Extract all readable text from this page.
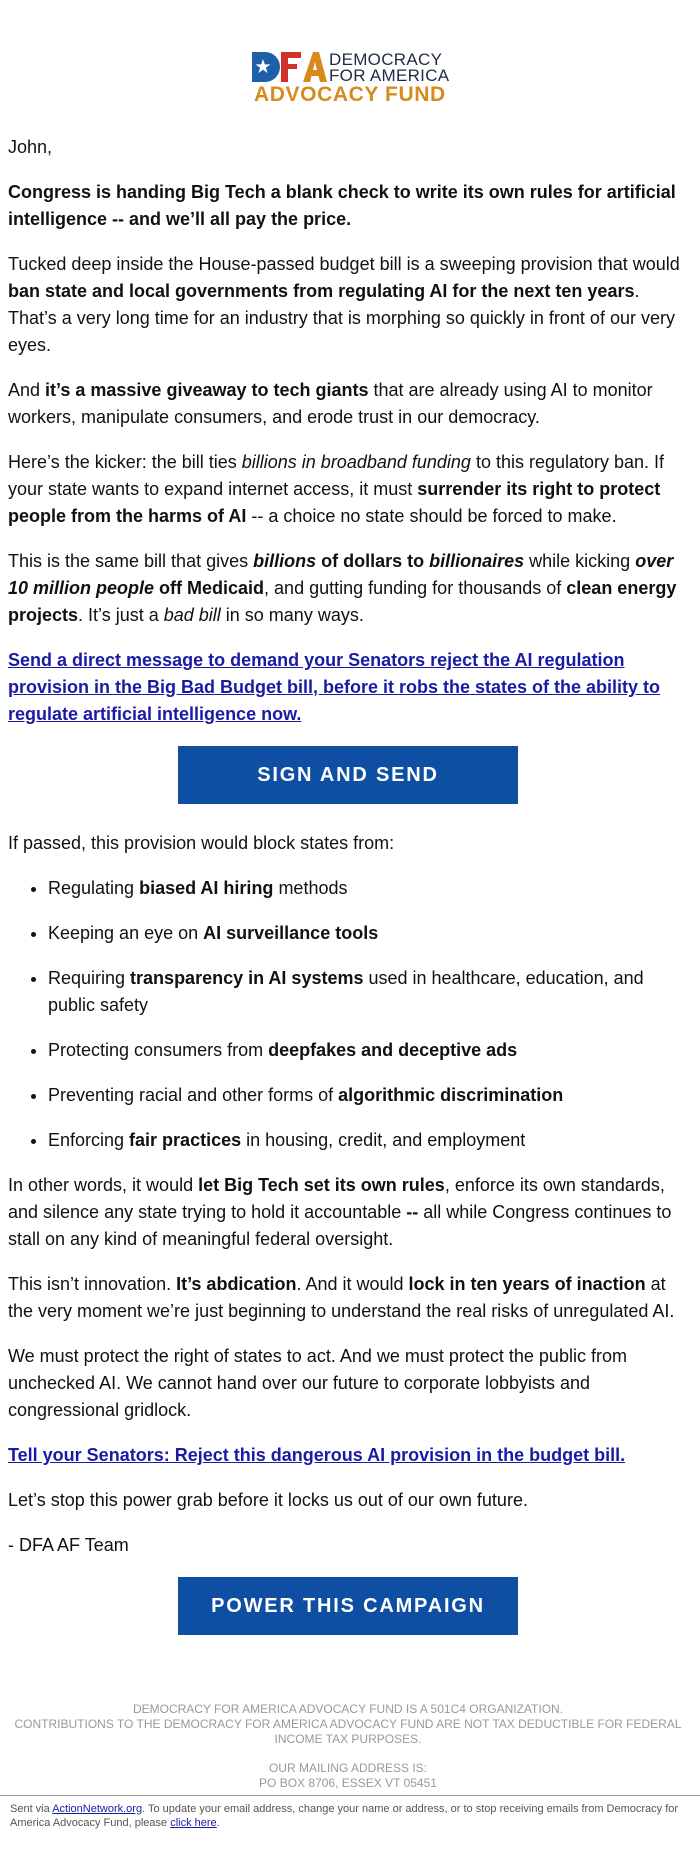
DEMOCRACY
FOR AMERICA
ADVOCACY FUND

John,

Congress is handing Big Tech a blank check to write its own rules for artificial intelligence -- and we’ll all pay the price.

Tucked deep inside the House-passed budget bill is a sweeping provision that would ban state and local governments from regulating AI for the next ten years. That’s a very long time for an industry that is morphing so quickly in front of our very eyes.

And it’s a massive giveaway to tech giants that are already using AI to monitor workers, manipulate consumers, and erode trust in our democracy.

Here’s the kicker: the bill ties billions in broadband funding to this regulatory ban. If your state wants to expand internet access, it must surrender its right to protect people from the harms of AI -- a choice no state should be forced to make.

This is the same bill that gives billions of dollars to billionaires while kicking over 10 million people off Medicaid, and gutting funding for thousands of clean energy projects. It’s just a bad bill in so many ways.

Send a direct message to demand your Senators reject the AI regulation provision in the Big Bad Budget bill, before it robs the states of the ability to regulate artificial intelligence now.

SIGN AND SEND

If passed, this provision would block states from:

• Regulating biased AI hiring methods
• Keeping an eye on AI surveillance tools
• Requiring transparency in AI systems used in healthcare, education, and public safety
• Protecting consumers from deepfakes and deceptive ads
• Preventing racial and other forms of algorithmic discrimination
• Enforcing fair practices in housing, credit, and employment

In other words, it would let Big Tech set its own rules, enforce its own standards, and silence any state trying to hold it accountable -- all while Congress continues to stall on any kind of meaningful federal oversight.

This isn’t innovation. It’s abdication. And it would lock in ten years of inaction at the very moment we’re just beginning to understand the real risks of unregulated AI.

We must protect the right of states to act. And we must protect the public from unchecked AI. We cannot hand over our future to corporate lobbyists and congressional gridlock.

Tell your Senators: Reject this dangerous AI provision in the budget bill.

Let’s stop this power grab before it locks us out of our own future.

- DFA AF Team

POWER THIS CAMPAIGN

DEMOCRACY FOR AMERICA ADVOCACY FUND IS A 501C4 ORGANIZATION.
CONTRIBUTIONS TO THE DEMOCRACY FOR AMERICA ADVOCACY FUND ARE NOT TAX DEDUCTIBLE FOR FEDERAL INCOME TAX PURPOSES.

OUR MAILING ADDRESS IS:
PO BOX 8706, ESSEX VT 05451

Sent via ActionNetwork.org. To update your email address, change your name or address, or to stop receiving emails from Democracy for America Advocacy Fund, please click here.
